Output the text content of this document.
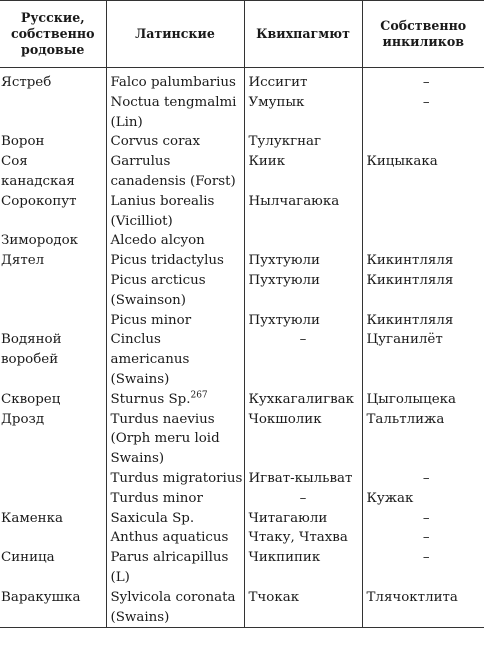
Русские, собственно родовые	Латинские	Квихпагмют	Собственно инкиликов
Ястреб	Falco palumbarius	Иссигит	–
	Noctua tengmalmi (Lin)	Умупык	–
Ворон	Corvus corax	Тулукгнаг	
Соя канадская	Garrulus canadensis (Forst)	Киик	Кицыкака
Сорокопут	Lanius borealis (Vicilliot)	Нылчагаюка	
Зимородок	Alcedo alcyon		
Дятел	Picus tridactylus	Пухтуюли	Кикинтляля
	Picus arcticus (Swainson)	Пухтуюли	Кикинтляля
	Picus minor	Пухтуюли	Кикинтляля
Водяной воробей	Cinclus americanus (Swains)	–	Цуганилёт
Скворец	Sturnus Sp.$^{267}$	Кухкагалигвак	Цыголыцека
Дрозд	Turdus naevius (Orph meru loid Swains)	Чокшолик	Тальтлижа
	Turdus migratorius	Игват-кыльват	–
	Turdus minor	–	Кужак
Каменка	Saxicula Sp.	Читагаюли	–
	Anthus aquaticus	Чтаку, Чтахва	–
Синица	Parus alricapillus (L)	Чикпипик	–
Варакушка	Sylvicola coronata (Swains)	Тчокак	Тлячоктлита
